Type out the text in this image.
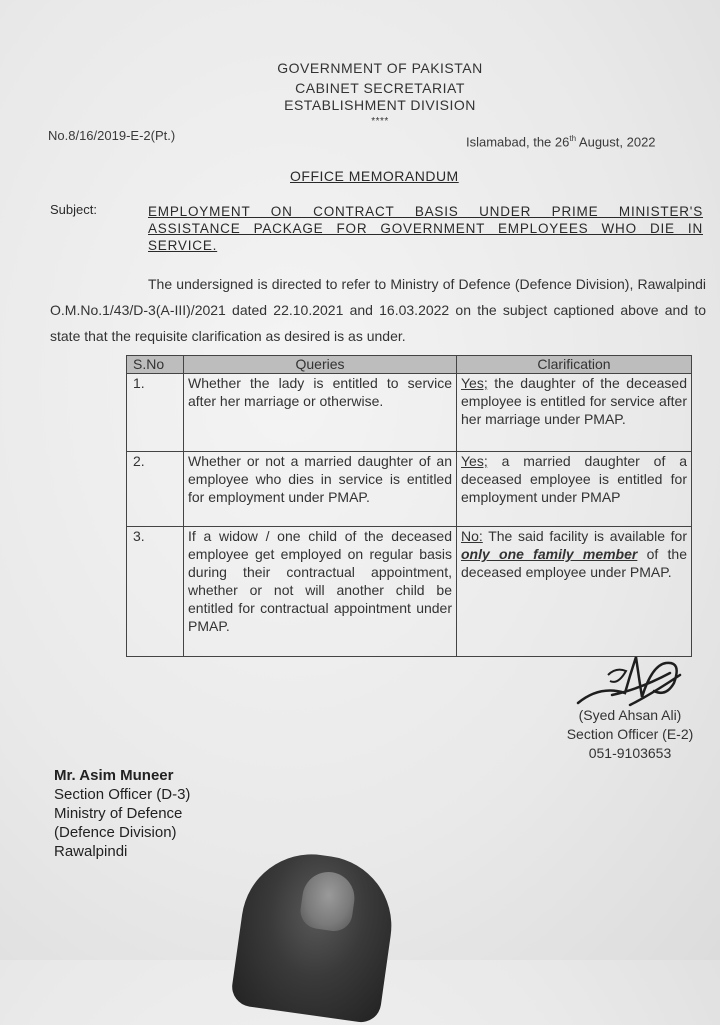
GOVERNMENT OF PAKISTAN
CABINET SECRETARIAT
ESTABLISHMENT DIVISION
****
No.8/16/2019-E-2(Pt.)	Islamabad, the 26th August, 2022
OFFICE MEMORANDUM
Subject:	EMPLOYMENT ON CONTRACT BASIS UNDER PRIME MINISTER'S ASSISTANCE PACKAGE FOR GOVERNMENT EMPLOYEES WHO DIE IN SERVICE.
The undersigned is directed to refer to Ministry of Defence (Defence Division), Rawalpindi O.M.No.1/43/D-3(A-III)/2021 dated 22.10.2021 and 16.03.2022 on the subject captioned above and to state that the requisite clarification as desired is as under.
S.No	Queries	Clarification
1.	Whether the lady is entitled to service after her marriage or otherwise.	Yes; the daughter of the deceased employee is entitled for service after her marriage under PMAP.
2.	Whether or not a married daughter of an employee who dies in service is entitled for employment under PMAP.	Yes; a married daughter of a deceased employee is entitled for employment under PMAP
3.	If a widow / one child of the deceased employee get employed on regular basis during their contractual appointment, whether or not will another child be entitled for contractual appointment under PMAP.	No: The said facility is available for only one family member of the deceased employee under PMAP.
(Syed Ahsan Ali)
Section Officer (E-2)
051-9103653
Mr. Asim Muneer
Section Officer (D-3)
Ministry of Defence
(Defence Division)
Rawalpindi
